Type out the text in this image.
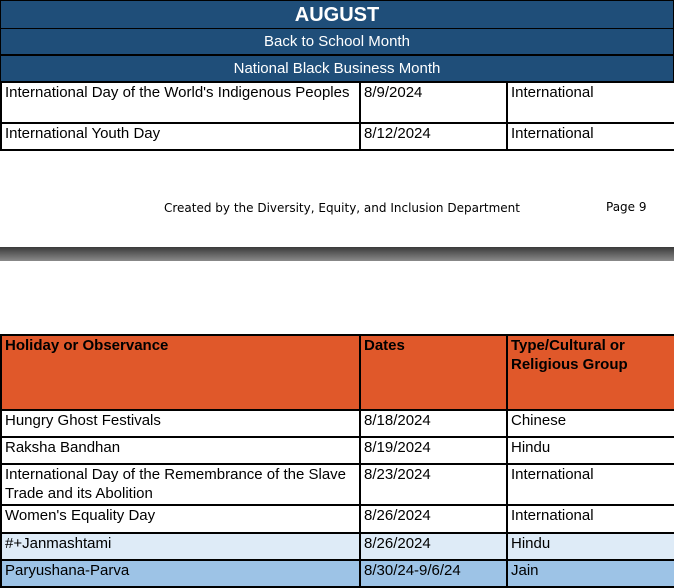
AUGUST
Back to School Month
National Black Business Month
International Day of the World's Indigenous Peoples	8/9/2024	International
International Youth Day	8/12/2024	International
Created by the Diversity, Equity, and Inclusion Department	Page 9
Holiday or Observance	Dates	Type/Cultural or Religious Group
Hungry Ghost Festivals	8/18/2024	Chinese
Raksha Bandhan	8/19/2024	Hindu
International Day of the Remembrance of the Slave Trade and its Abolition	8/23/2024	International
Women's Equality Day	8/26/2024	International
#+Janmashtami	8/26/2024	Hindu
Paryushana-Parva	8/30/24-9/6/24	Jain
